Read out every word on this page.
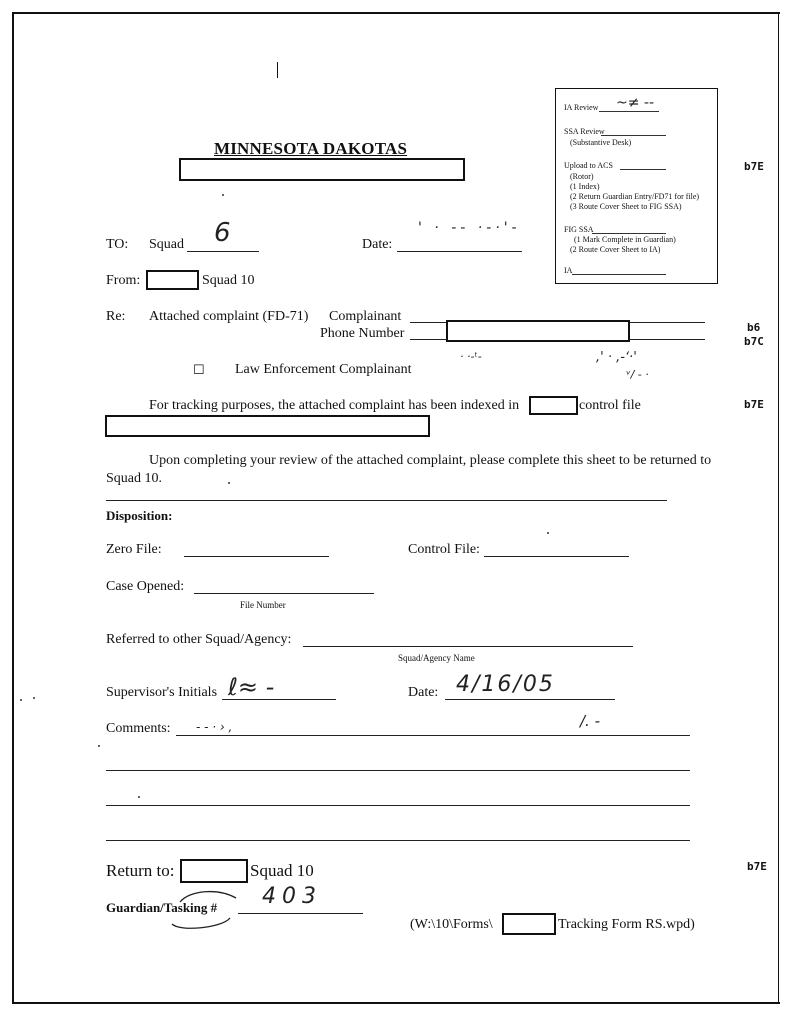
IA Review ~≠ ‑‑
SSA Review
(Substantive Desk)
Upload to ACS
(Rotor)
(1 Index)
(2 Return Guardian Entry/FD71 for file)
(3 Route Cover Sheet to FIG SSA)
FIG SSA
(1 Mark Complete in Guardian)
(2 Route Cover Sheet to IA)
IA
b7E
b6
b7C
b7E
b7E
MINNESOTA DAKOTAS
TO: Squad 6	Date:
' · ‑‑ ·‑·'‑
From:	Squad 10
Re: Attached complaint (FD-71) Complainant
Phone Number
· ·‑ᵗ‑	,' · ,‑ʻ·'
ᵛ/ ‑ ·
☐ Law Enforcement Complainant
For tracking purposes, the attached complaint has been indexed in	control file
Upon completing your review of the attached complaint, please complete this sheet to be returned to
Squad 10.
Disposition:
Zero File:	Control File:
Case Opened:
File Number
Referred to other Squad/Agency:
Squad/Agency Name
Supervisor's Initials ℓ≈ ‑	Date: 4/16/05
Comments: ‑ ‑ · › ‚	/. ‑
Return to:	Squad 10
Guardian/Tasking # 403
(W:\10\Forms\	Tracking Form RS.wpd)
